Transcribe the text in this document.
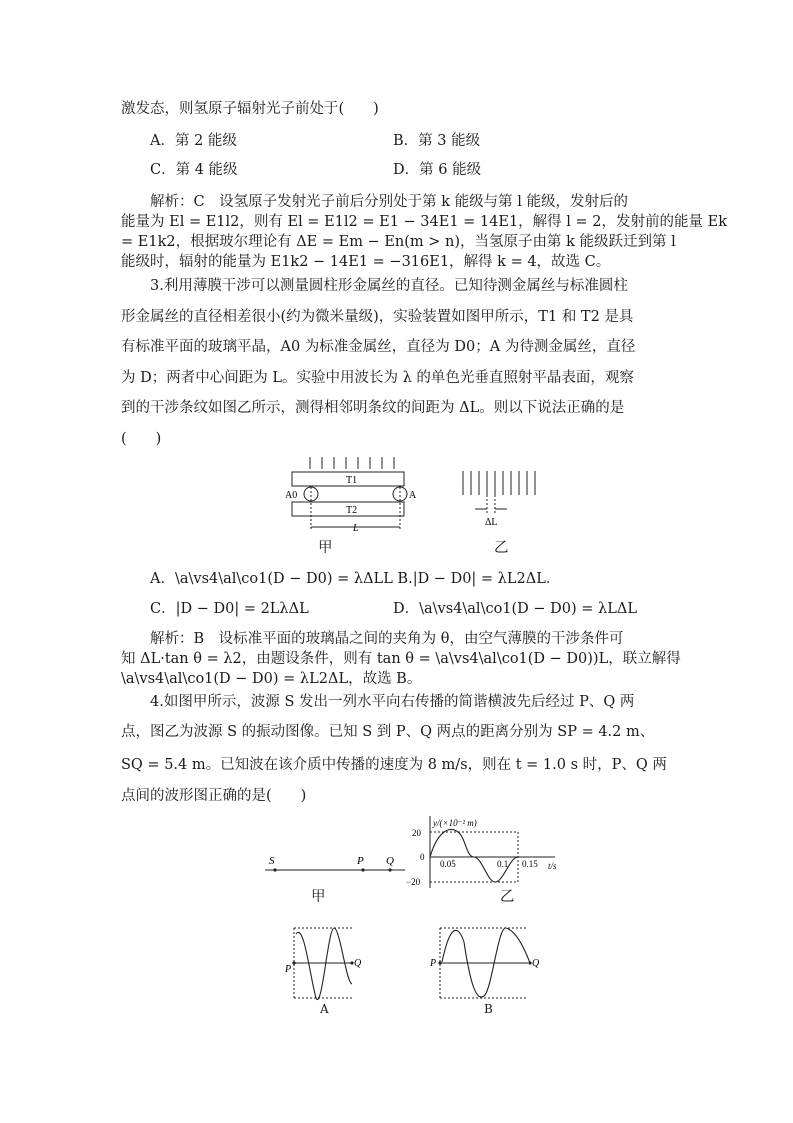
激发态，则氢原子辐射光子前处于(　　)
A．第 2 能级	B．第 3 能级
C．第 4 能级	D．第 6 能级
　　解析：C　设氢原子发射光子前后分别处于第 k 能级与第 l 能级，发射后的
能量为 El = E1l2，则有 El = E1l2 = E1 − 34E1 = 14E1，解得 l = 2，发射前的能量 Ek
= E1k2，根据玻尔理论有 ΔE = Em − En(m > n)，当氢原子由第 k 能级跃迁到第 l
能级时，辐射的能量为 E1k2 − 14E1 = −316E1，解得 k = 4，故选 C。
　　3.利用薄膜干涉可以测量圆柱形金属丝的直径。已知待测金属丝与标准圆柱
形金属丝的直径相差很小(约为微米量级)，实验装置如图甲所示，T1 和 T2 是具
有标准平面的玻璃平晶，A0 为标准金属丝，直径为 D0；A 为待测金属丝，直径
为 D；两者中心间距为 L。实验中用波长为 λ 的单色光垂直照射平晶表面，观察
到的干涉条纹如图乙所示，测得相邻明条纹的间距为 ΔL。则以下说法正确的是
(　　)
T1
A0	A
T2
L
甲
ΔL
乙
A．\a\vs4\al\co1(D − D0) = λΔLL B.|D − D0| = λL2ΔL．
C．|D − D0| = 2LλΔL	D．\a\vs4\al\co1(D − D0) = λLΔL
　　解析：B　设标准平面的玻璃晶之间的夹角为 θ，由空气薄膜的干涉条件可
知 ΔL·tan θ = λ2，由题设条件，则有 tan θ = \a\vs4\al\co1(D − D0))L，联立解得
\a\vs4\al\co1(D − D0) = λL2ΔL，故选 B。
　　4.如图甲所示，波源 S 发出一列水平向右传播的简谐横波先后经过 P、Q 两
点，图乙为波源 S 的振动图像。已知 S 到 P、Q 两点的距离分别为 SP = 4.2 m、
SQ = 5.4 m。已知波在该介质中传播的速度为 8 m/s，则在 t = 1.0 s 时，P、Q 两
点间的波形图正确的是(　　)
S	P Q
甲
y/(×10⁻² m)
20
0
−20
0.05	0.1 0.15 t/s
乙
P
Q
A
P	Q
B
